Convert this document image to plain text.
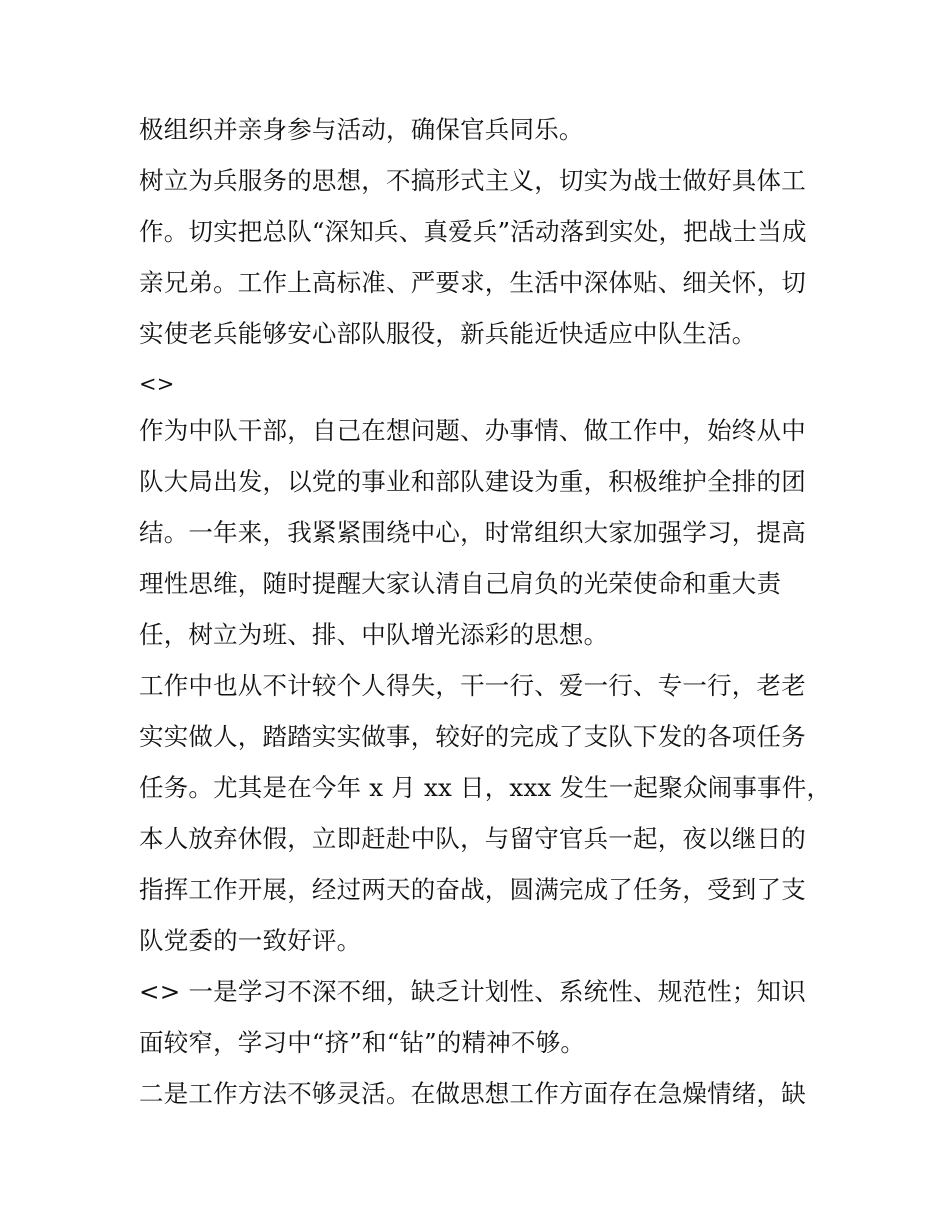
极组织并亲身参与活动，确保官兵同乐。
树立为兵服务的思想，不搞形式主义，切实为战士做好具体工
作。切实把总队“深知兵、真爱兵”活动落到实处，把战士当成
亲兄弟。工作上高标准、严要求，生活中深体贴、细关怀，切
实使老兵能够安心部队服役，新兵能近快适应中队生活。
<>
作为中队干部，自己在想问题、办事情、做工作中，始终从中
队大局出发，以党的事业和部队建设为重，积极维护全排的团
结。一年来，我紧紧围绕中心，时常组织大家加强学习，提高
理性思维，随时提醒大家认清自己肩负的光荣使命和重大责
任，树立为班、排、中队增光添彩的思想。
工作中也从不计较个人得失，干一行、爱一行、专一行，老老
实实做人，踏踏实实做事，较好的完成了支队下发的各项任务
任务。尤其是在今年 x 月 xx 日，xxx 发生一起聚众闹事事件，
本人放弃休假，立即赶赴中队，与留守官兵一起，夜以继日的
指挥工作开展，经过两天的奋战，圆满完成了任务，受到了支
队党委的一致好评。
<> 一是学习不深不细，缺乏计划性、系统性、规范性；知识
面较窄，学习中“挤”和“钻”的精神不够。
二是工作方法不够灵活。在做思想工作方面存在急燥情绪，缺
